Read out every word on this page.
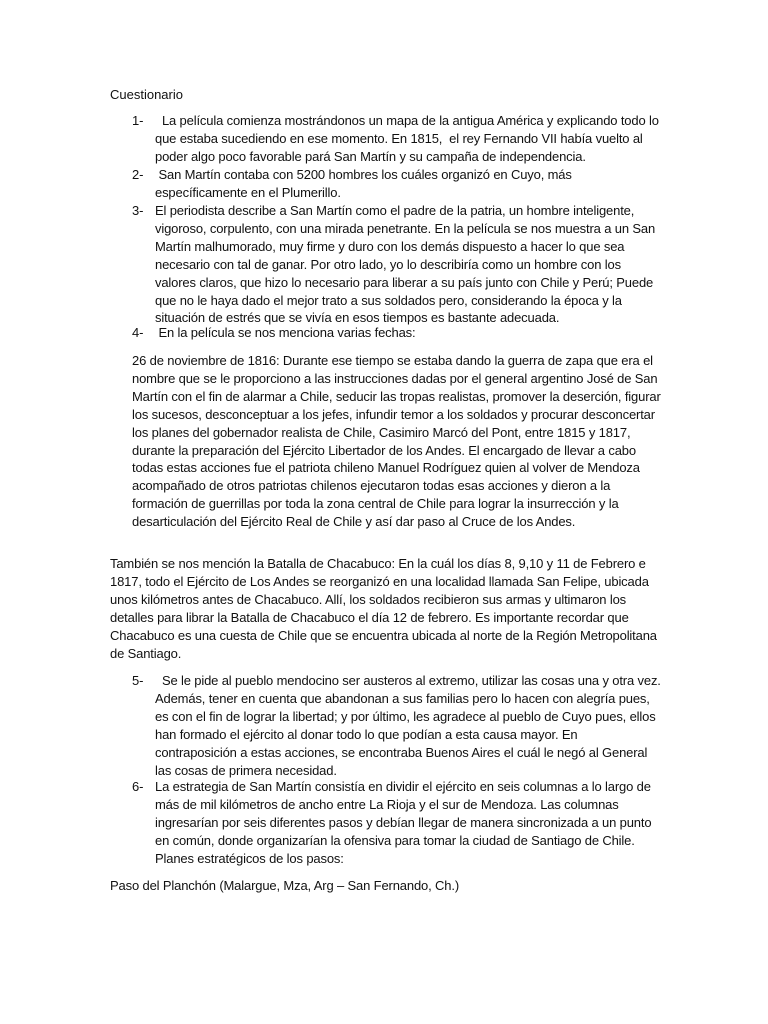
Cuestionario
1- La película comienza mostrándonos un mapa de la antigua América y explicando todo lo que estaba sucediendo en ese momento. En 1815,  el rey Fernando VII había vuelto al poder algo poco favorable pará San Martín y su campaña de independencia.
2- San Martín contaba con 5200 hombres los cuáles organizó en Cuyo, más específicamente en el Plumerillo.
3- El periodista describe a San Martín como el padre de la patria, un hombre inteligente, vigoroso, corpulento, con una mirada penetrante. En la película se nos muestra a un San Martín malhumorado, muy firme y duro con los demás dispuesto a hacer lo que sea necesario con tal de ganar. Por otro lado, yo lo describiría como un hombre con los valores claros, que hizo lo necesario para liberar a su país junto con Chile y Perú; Puede que no le haya dado el mejor trato a sus soldados pero, considerando la época y la situación de estrés que se vivía en esos tiempos es bastante adecuada.
4- En la película se nos menciona varias fechas:
26 de noviembre de 1816: Durante ese tiempo se estaba dando la guerra de zapa que era el nombre que se le proporciono a las instrucciones dadas por el general argentino José de San Martín con el fin de alarmar a Chile, seducir las tropas realistas, promover la deserción, figurar los sucesos, desconceptuar a los jefes, infundir temor a los soldados y procurar desconcertar los planes del gobernador realista de Chile, Casimiro Marcó del Pont, entre 1815 y 1817, durante la preparación del Ejército Libertador de los Andes. El encargado de llevar a cabo todas estas acciones fue el patriota chileno Manuel Rodríguez quien al volver de Mendoza acompañado de otros patriotas chilenos ejecutaron todas esas acciones y dieron a la formación de guerrillas por toda la zona central de Chile para lograr la insurrección y la desarticulación del Ejército Real de Chile y así dar paso al Cruce de los Andes.
También se nos mención la Batalla de Chacabuco: En la cuál los días 8, 9,10 y 11 de Febrero e 1817, todo el Ejército de Los Andes se reorganizó en una localidad llamada San Felipe, ubicada unos kilómetros antes de Chacabuco. Allí, los soldados recibieron sus armas y ultimaron los detalles para librar la Batalla de Chacabuco el día 12 de febrero. Es importante recordar que Chacabuco es una cuesta de Chile que se encuentra ubicada al norte de la Región Metropolitana de Santiago.
5- Se le pide al pueblo mendocino ser austeros al extremo, utilizar las cosas una y otra vez. Además, tener en cuenta que abandonan a sus familias pero lo hacen con alegría pues, es con el fin de lograr la libertad; y por último, les agradece al pueblo de Cuyo pues, ellos han formado el ejército al donar todo lo que podían a esta causa mayor. En contraposición a estas acciones, se encontraba Buenos Aires el cuál le negó al General las cosas de primera necesidad.
6- La estrategia de San Martín consistía en dividir el ejército en seis columnas a lo largo de más de mil kilómetros de ancho entre La Rioja y el sur de Mendoza. Las columnas ingresarían por seis diferentes pasos y debían llegar de manera sincronizada a un punto en común, donde organizarían la ofensiva para tomar la ciudad de Santiago de Chile. Planes estratégicos de los pasos:
Paso del Planchón (Malargue, Mza, Arg – San Fernando, Ch.)
